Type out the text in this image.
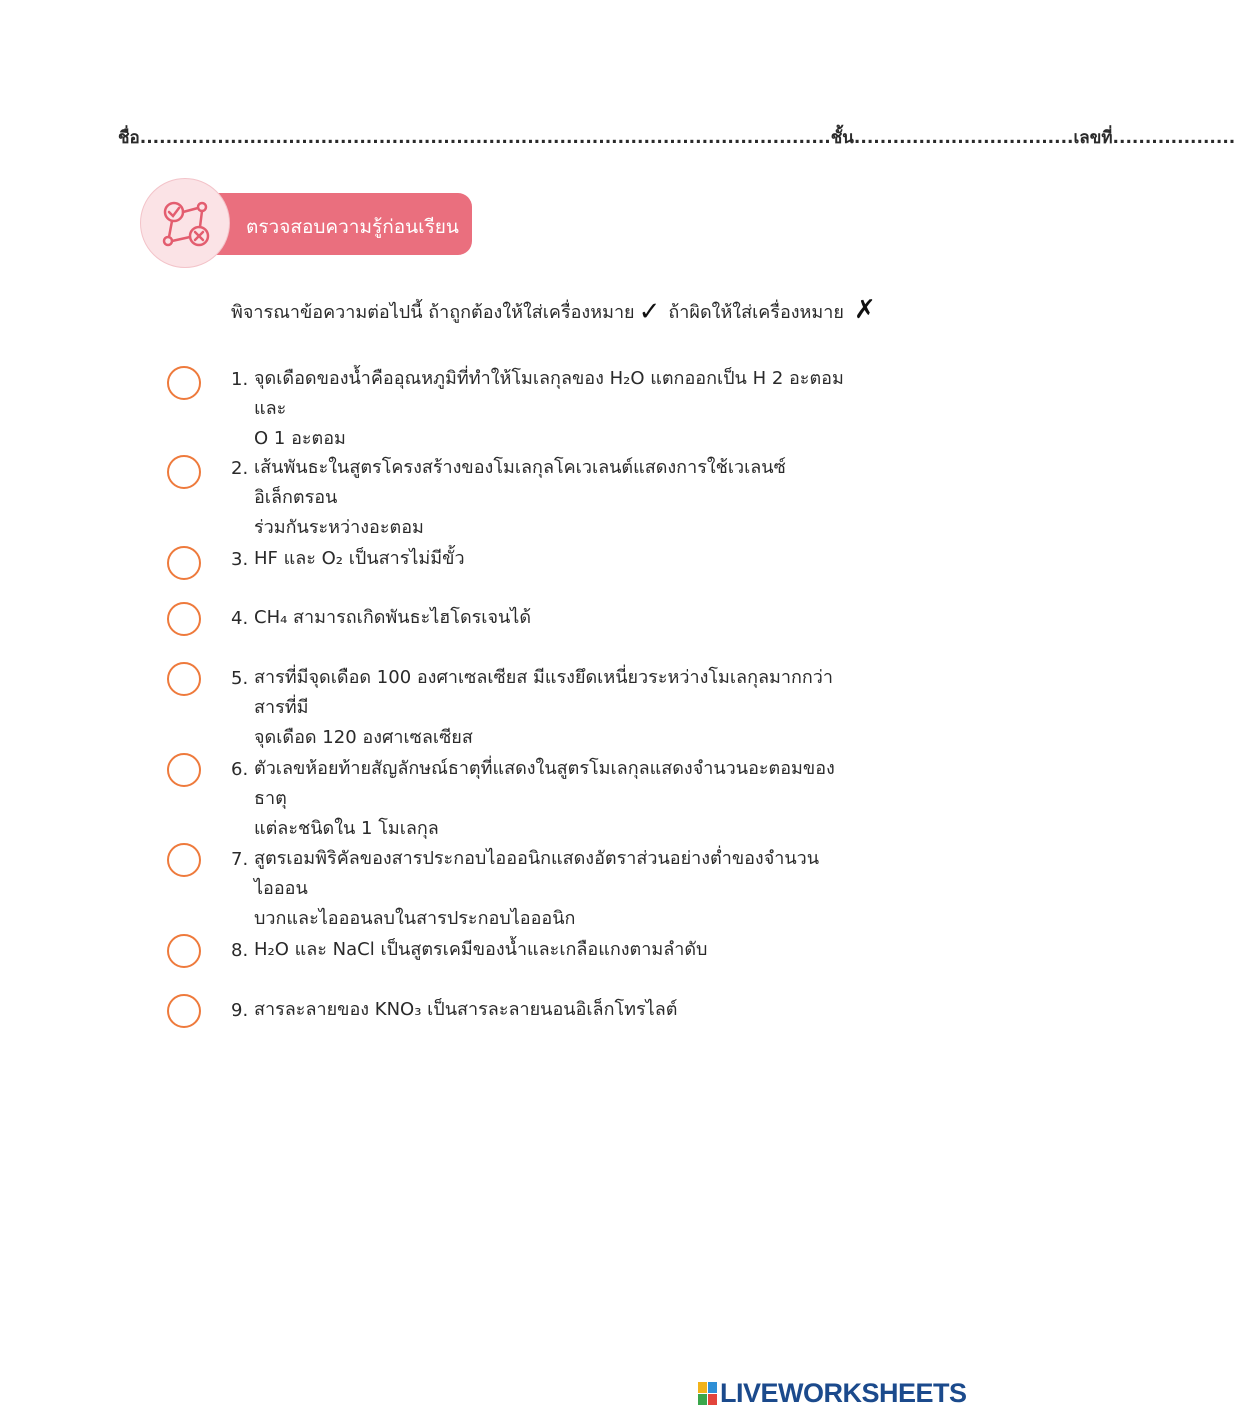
ชื่อ...........................................................................................................ชั้น..................................เลขที่...................
ตรวจสอบความรู้ก่อนเรียน
พิจารณาข้อความต่อไปนี้ ถ้าถูกต้องให้ใส่เครื่องหมาย ✓ ถ้าผิดให้ใส่เครื่องหมาย ✗
1. จุดเดือดของน้ำคืออุณหภูมิที่ทำให้โมเลกุลของ H₂O แตกออกเป็น H 2 อะตอม และ
O 1 อะตอม
2. เส้นพันธะในสูตรโครงสร้างของโมเลกุลโคเวเลนต์แสดงการใช้เวเลนซ์อิเล็กตรอน
ร่วมกันระหว่างอะตอม
3. HF และ O₂ เป็นสารไม่มีขั้ว
4. CH₄ สามารถเกิดพันธะไฮโดรเจนได้
5. สารที่มีจุดเดือด 100 องศาเซลเซียส มีแรงยึดเหนี่ยวระหว่างโมเลกุลมากกว่าสารที่มี
จุดเดือด 120 องศาเซลเซียส
6. ตัวเลขห้อยท้ายสัญลักษณ์ธาตุที่แสดงในสูตรโมเลกุลแสดงจำนวนอะตอมของธาตุ
แต่ละชนิดใน 1 โมเลกุล
7. สูตรเอมพิริคัลของสารประกอบไอออนิกแสดงอัตราส่วนอย่างต่ำของจำนวนไอออน
บวกและไอออนลบในสารประกอบไอออนิก
8. H₂O และ NaCl เป็นสูตรเคมีของน้ำและเกลือแกงตามลำดับ
9. สารละลายของ KNO₃ เป็นสารละลายนอนอิเล็กโทรไลต์
LIVEWORKSHEETS
